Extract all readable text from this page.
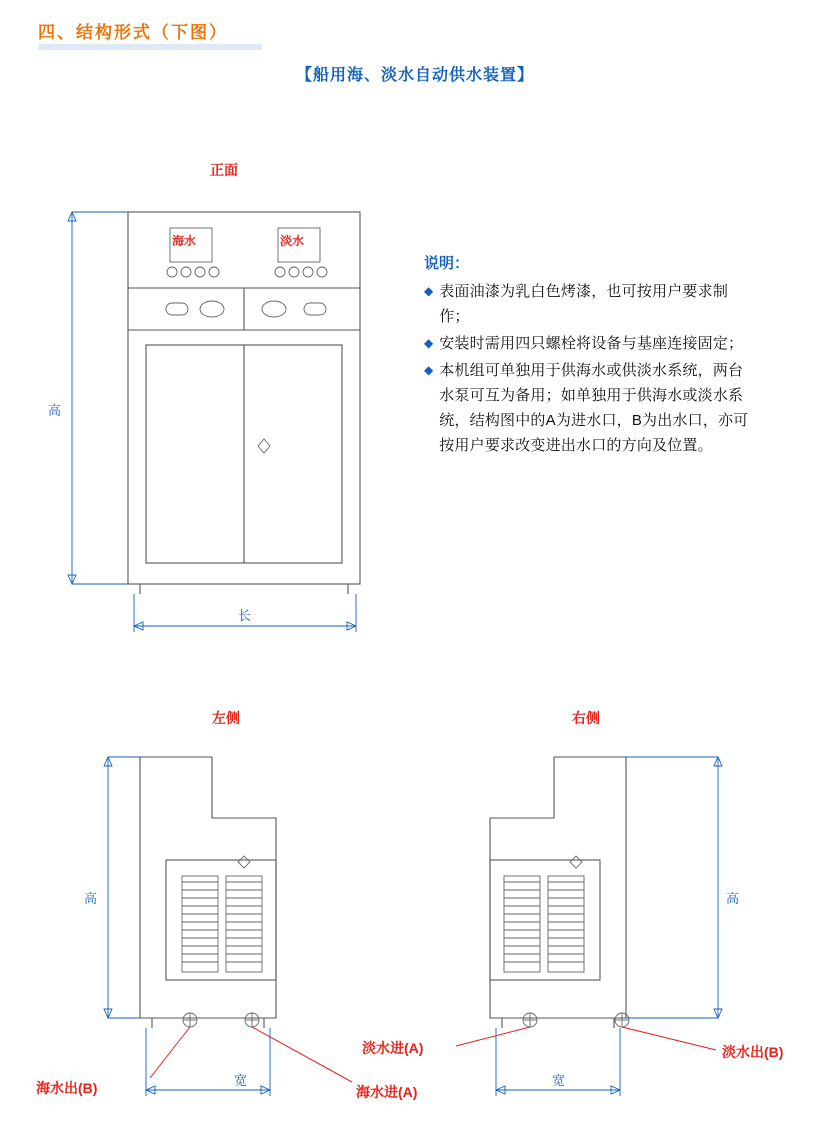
四、结构形式（下图）
【船用海、淡水自动供水装置】
说明：
◆ 表面油漆为乳白色烤漆，也可按用户要求制作；
◆ 安装时需用四只螺栓将设备与基座连接固定；
◆ 本机组可单独用于供海水或供淡水系统，两台水泵可互为备用；如单独用于供海水或淡水系统，结构图中的A为进水口，B为出水口，亦可按用户要求改变进出水口的方向及位置。
正面
海水	淡水
高
长
左侧	右侧
高
宽
高
宽
海水出(B)	海水进(A)
淡水进(A)	淡水出(B)
